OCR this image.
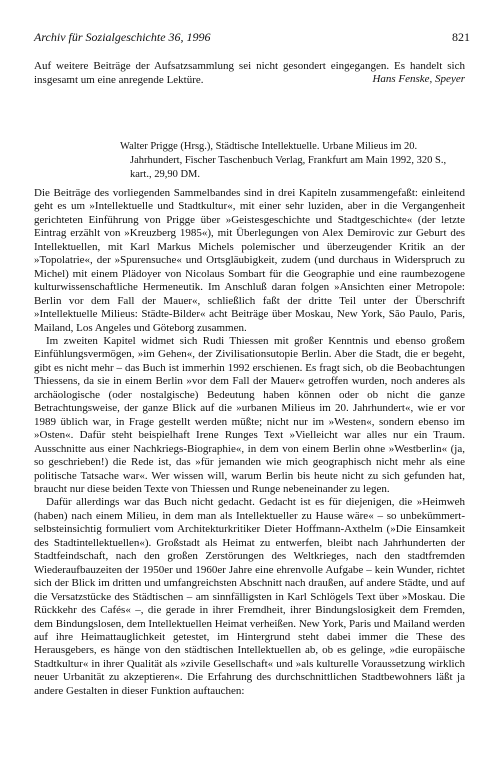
Archiv für Sozialgeschichte 36, 1996	821
Auf weitere Beiträge der Aufsatzsammlung sei nicht gesondert eingegangen. Es handelt sich insgesamt um eine anregende Lektüre.	Hans Fenske, Speyer
Walter Prigge (Hrsg.), Städtische Intellektuelle. Urbane Milieus im 20. Jahrhundert, Fischer Taschenbuch Verlag, Frankfurt am Main 1992, 320 S., kart., 29,90 DM.

Die Beiträge des vorliegenden Sammelbandes sind in drei Kapiteln zusammengefaßt: einleitend geht es um »Intellektuelle und Stadtkultur«, mit einer sehr luziden, aber in die Vergangenheit gerichteten Einführung von Prigge über »Geistesgeschichte und Stadtgeschichte« (der letzte Eintrag erzählt von »Kreuzberg 1985«), mit Überlegungen von Alex Demirovic zur Geburt des Intellektuellen, mit Karl Markus Michels polemischer und überzeugender Kritik an der »Topolatrie«, der »Spurensuche« und Ortsgläubigkeit, zudem (und durchaus in Widerspruch zu Michel) mit einem Plädoyer von Nicolaus Sombart für die Geographie und eine raumbezogene kulturwissenschaftliche Hermeneutik. Im Anschluß daran folgen »Ansichten einer Metropole: Berlin vor dem Fall der Mauer«, schließlich faßt der dritte Teil unter der Überschrift »Intellektuelle Milieus: Städte-Bilder« acht Beiträge über Moskau, New York, São Paulo, Paris, Mailand, Los Angeles und Göteborg zusammen.

Im zweiten Kapitel widmet sich Rudi Thiessen mit großer Kenntnis und ebenso großem Einfühlungsvermögen, »im Gehen«, der Zivilisationsutopie Berlin. Aber die Stadt, die er begeht, gibt es nicht mehr – das Buch ist immerhin 1992 erschienen. Es fragt sich, ob die Beobachtungen Thiessens, da sie in einem Berlin »vor dem Fall der Mauer« getroffen wurden, noch anderes als archäologische (oder nostalgische) Bedeutung haben können oder ob nicht die ganze Betrachtungsweise, der ganze Blick auf die »urbanen Milieus im 20. Jahrhundert«, wie er vor 1989 üblich war, in Frage gestellt werden müßte; nicht nur im »Westen«, sondern ebenso im »Osten«. Dafür steht beispielhaft Irene Runges Text »Vielleicht war alles nur ein Traum. Ausschnitte aus einer Nachkriegs-Biographie«, in dem von einem Berlin ohne »Westberlin« (ja, so geschrieben!) die Rede ist, das »für jemanden wie mich geographisch nicht mehr als eine politische Tatsache war«. Wer wissen will, warum Berlin bis heute nicht zu sich gefunden hat, braucht nur diese beiden Texte von Thiessen und Runge nebeneinander zu legen.

Dafür allerdings war das Buch nicht gedacht. Gedacht ist es für diejenigen, die »Heimweh (haben) nach einem Milieu, in dem man als Intellektueller zu Hause wäre« – so unbekümmert-selbsteinsichtig formuliert vom Architekturkritiker Dieter Hoffmann-Axthelm (»Die Einsamkeit des Stadtintellektuellen«). Großstadt als Heimat zu entwerfen, bleibt nach Jahrhunderten der Stadtfeindschaft, nach den großen Zerstörungen des Weltkrieges, nach den stadtfremden Wiederaufbauzeiten der 1950er und 1960er Jahre eine ehrenvolle Aufgabe – kein Wunder, richtet sich der Blick im dritten und umfangreichsten Abschnitt nach draußen, auf andere Städte, und auf die Versatzstücke des Städtischen – am sinnfälligsten in Karl Schlögels Text über »Moskau. Die Rückkehr des Cafés« –, die gerade in ihrer Fremdheit, ihrer Bindungslosigkeit dem Fremden, dem Bindungslosen, dem Intellektuellen Heimat verheißen. New York, Paris und Mailand werden auf ihre Heimattauglichkeit getestet, im Hintergrund steht dabei immer die These des Herausgebers, es hänge von den städtischen Intellektuellen ab, ob es gelinge, »die europäische Stadtkultur« in ihrer Qualität als »zivile Gesellschaft« und »als kulturelle Voraussetzung wirklich neuer Urbanität zu akzeptieren«. Die Erfahrung des durchschnittlichen Stadtbewohners läßt ja andere Gestalten in dieser Funktion auftauchen:
